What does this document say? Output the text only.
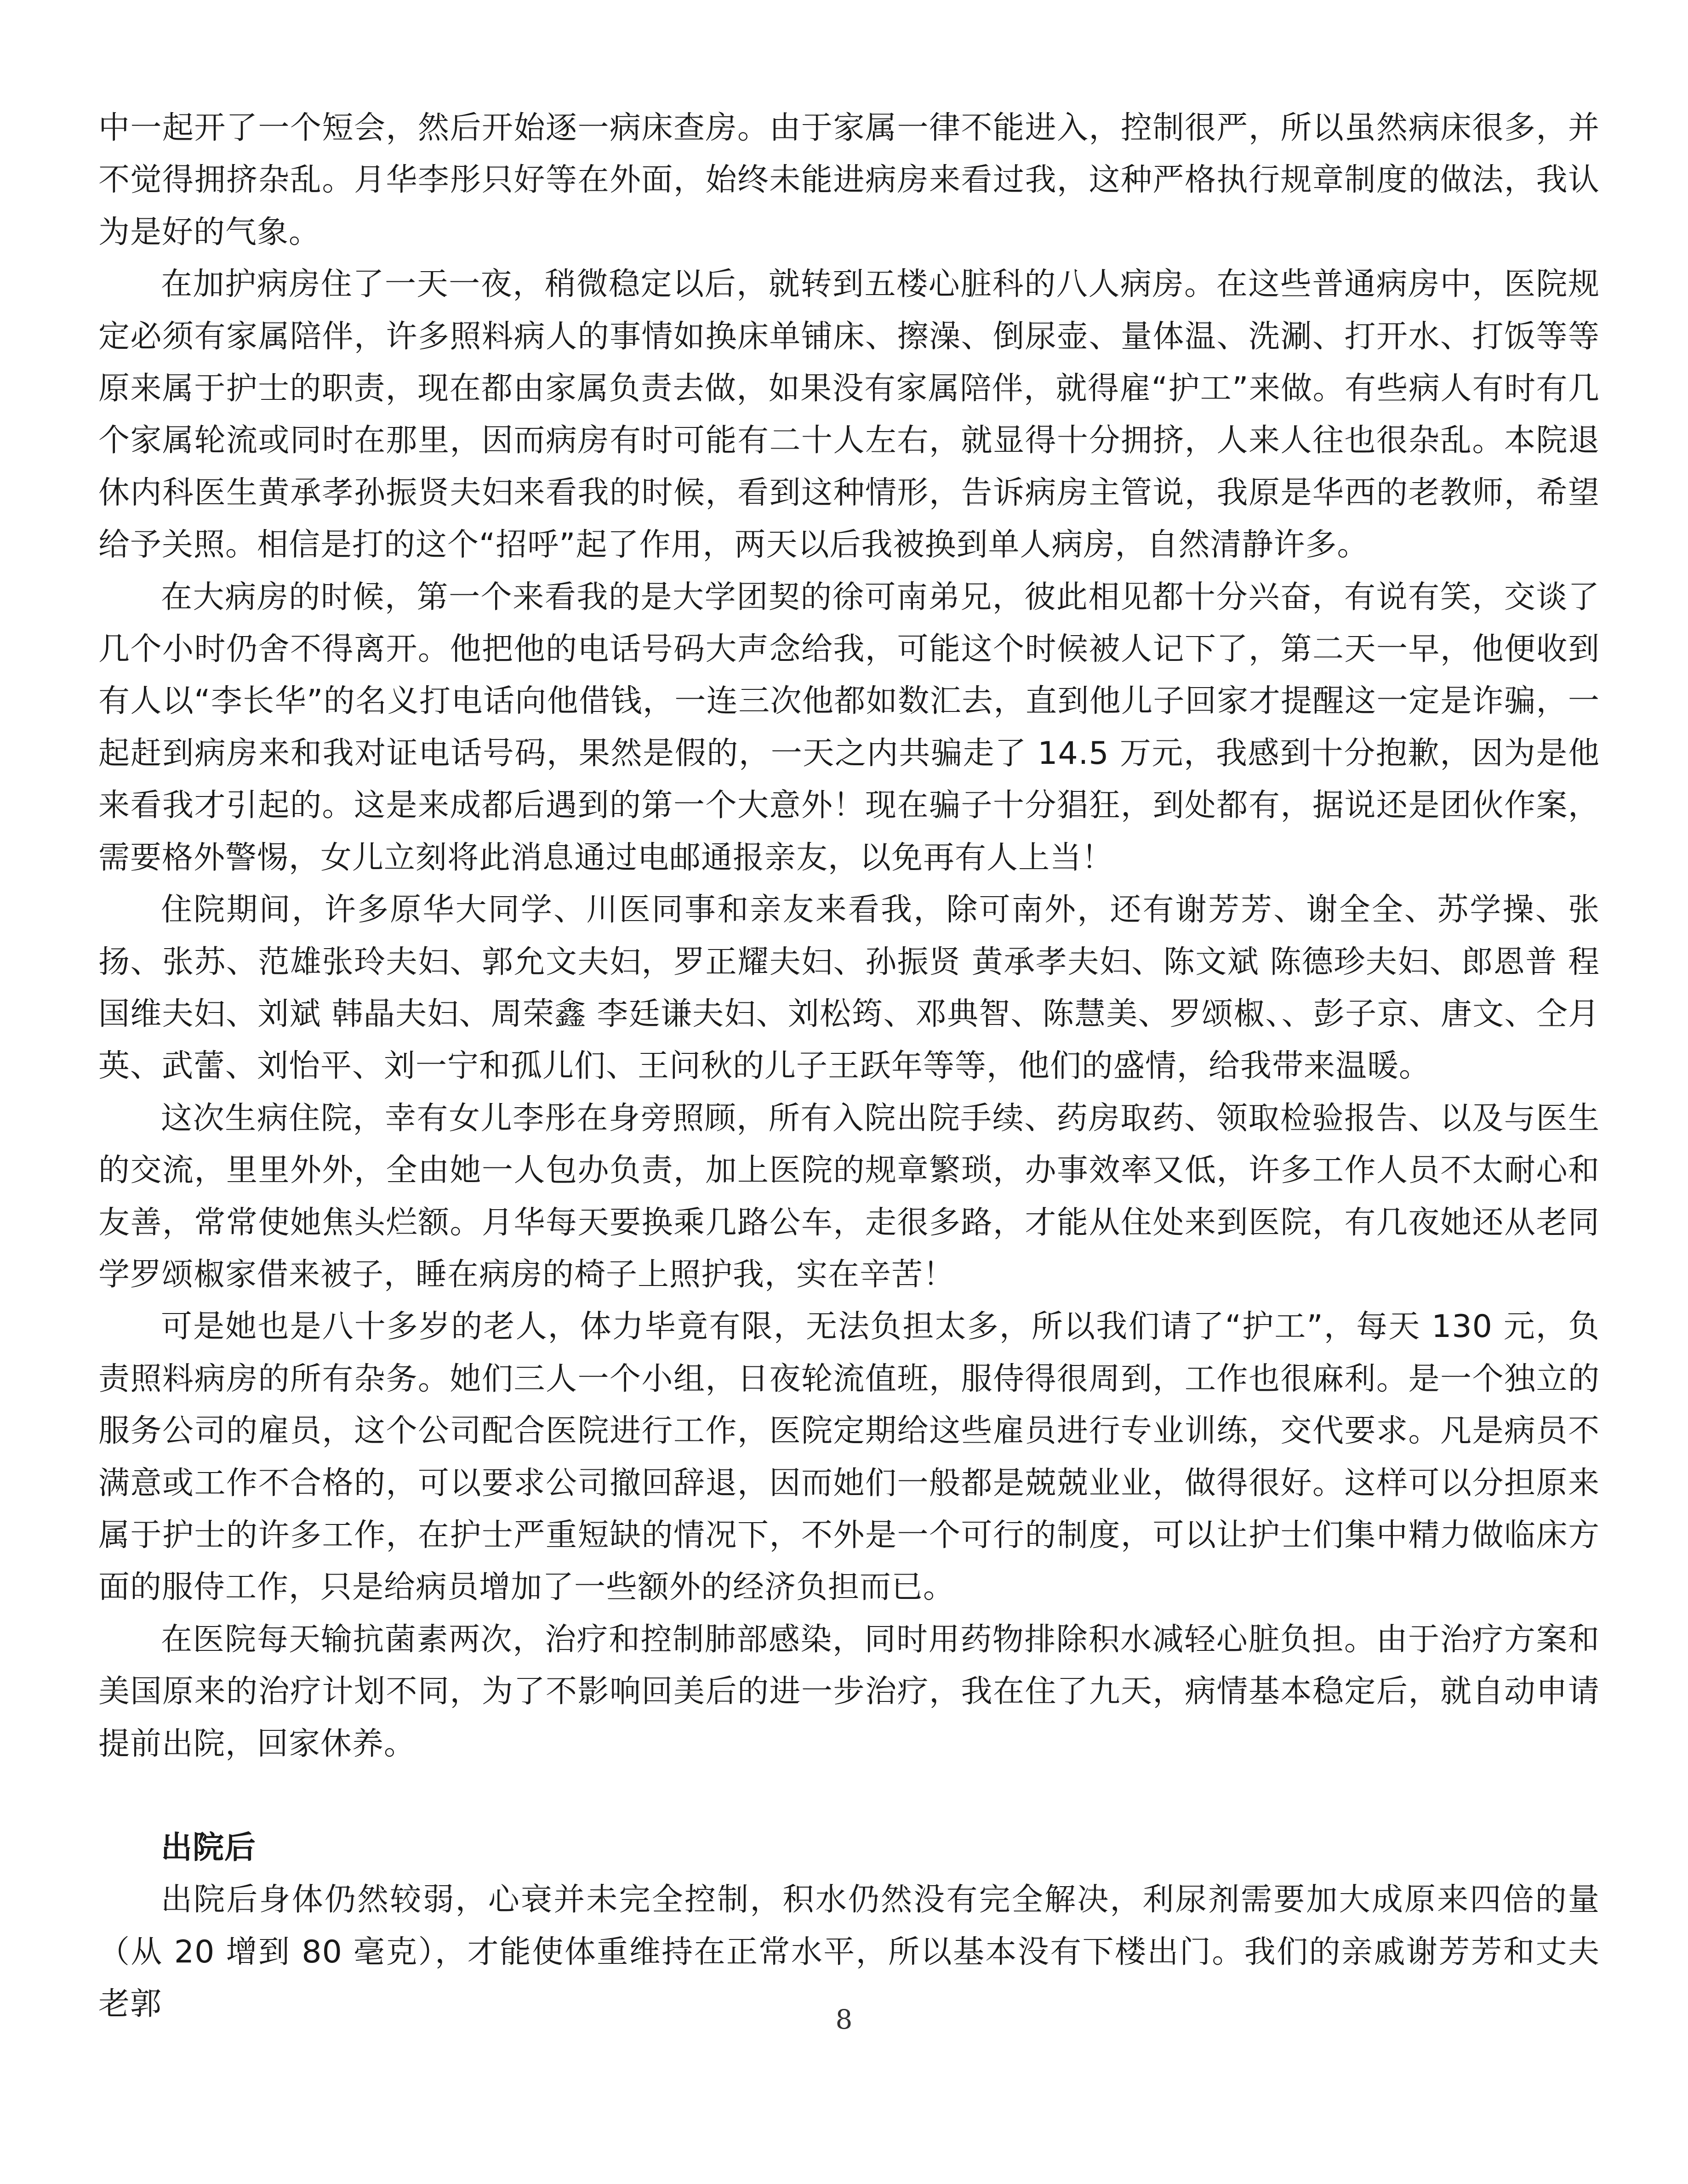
中一起开了一个短会，然后开始逐一病床查房。由于家属一律不能进入，控制很严，所以虽然病床很多，并不觉得拥挤杂乱。月华李彤只好等在外面，始终未能进病房来看过我，这种严格执行规章制度的做法，我认为是好的气象。

在加护病房住了一天一夜，稍微稳定以后，就转到五楼心脏科的八人病房。在这些普通病房中，医院规定必须有家属陪伴，许多照料病人的事情如换床单铺床、擦澡、倒尿壶、量体温、洗涮、打开水、打饭等等原来属于护士的职责，现在都由家属负责去做，如果没有家属陪伴，就得雇“护工”来做。有些病人有时有几个家属轮流或同时在那里，因而病房有时可能有二十人左右，就显得十分拥挤，人来人往也很杂乱。本院退休内科医生黄承孝孙振贤夫妇来看我的时候，看到这种情形，告诉病房主管说，我原是华西的老教师，希望给予关照。相信是打的这个“招呼”起了作用，两天以后我被换到单人病房，自然清静许多。

在大病房的时候，第一个来看我的是大学团契的徐可南弟兄，彼此相见都十分兴奋，有说有笑，交谈了几个小时仍舍不得离开。他把他的电话号码大声念给我，可能这个时候被人记下了，第二天一早，他便收到有人以“李长华”的名义打电话向他借钱，一连三次他都如数汇去，直到他儿子回家才提醒这一定是诈骗，一起赶到病房来和我对证电话号码，果然是假的，一天之内共骗走了 14.5 万元，我感到十分抱歉，因为是他来看我才引起的。这是来成都后遇到的第一个大意外！现在骗子十分猖狂，到处都有，据说还是团伙作案，需要格外警惕，女儿立刻将此消息通过电邮通报亲友，以免再有人上当！

住院期间，许多原华大同学、川医同事和亲友来看我，除可南外，还有谢芳芳、谢全全、苏学操、张扬、张苏、范雄张玲夫妇、郭允文夫妇，罗正耀夫妇、孙振贤 黄承孝夫妇、陈文斌 陈德珍夫妇、郎恩普 程国维夫妇、刘斌 韩晶夫妇、周荣鑫 李廷谦夫妇、刘松筠、邓典智、陈慧美、罗颂椒、、彭子京、唐文、仝月英、武蕾、刘怡平、刘一宁和孤儿们、王问秋的儿子王跃年等等，他们的盛情，给我带来温暖。

这次生病住院，幸有女儿李彤在身旁照顾，所有入院出院手续、药房取药、领取检验报告、以及与医生的交流，里里外外，全由她一人包办负责，加上医院的规章繁琐，办事效率又低，许多工作人员不太耐心和友善，常常使她焦头烂额。月华每天要换乘几路公车，走很多路，才能从住处来到医院，有几夜她还从老同学罗颂椒家借来被子，睡在病房的椅子上照护我，实在辛苦！

可是她也是八十多岁的老人，体力毕竟有限，无法负担太多，所以我们请了“护工”，每天 130 元，负责照料病房的所有杂务。她们三人一个小组，日夜轮流值班，服侍得很周到，工作也很麻利。是一个独立的服务公司的雇员，这个公司配合医院进行工作，医院定期给这些雇员进行专业训练，交代要求。凡是病员不满意或工作不合格的，可以要求公司撤回辞退，因而她们一般都是兢兢业业，做得很好。这样可以分担原来属于护士的许多工作，在护士严重短缺的情况下，不外是一个可行的制度，可以让护士们集中精力做临床方面的服侍工作，只是给病员增加了一些额外的经济负担而已。

在医院每天输抗菌素两次，治疗和控制肺部感染，同时用药物排除积水减轻心脏负担。由于治疗方案和美国原来的治疗计划不同，为了不影响回美后的进一步治疗，我在住了九天，病情基本稳定后，就自动申请提前出院，回家休养。

出院后

出院后身体仍然较弱，心衰并未完全控制，积水仍然没有完全解决，利尿剂需要加大成原来四倍的量（从 20 增到 80 毫克），才能使体重维持在正常水平，所以基本没有下楼出门。我们的亲戚谢芳芳和丈夫老郭	8
